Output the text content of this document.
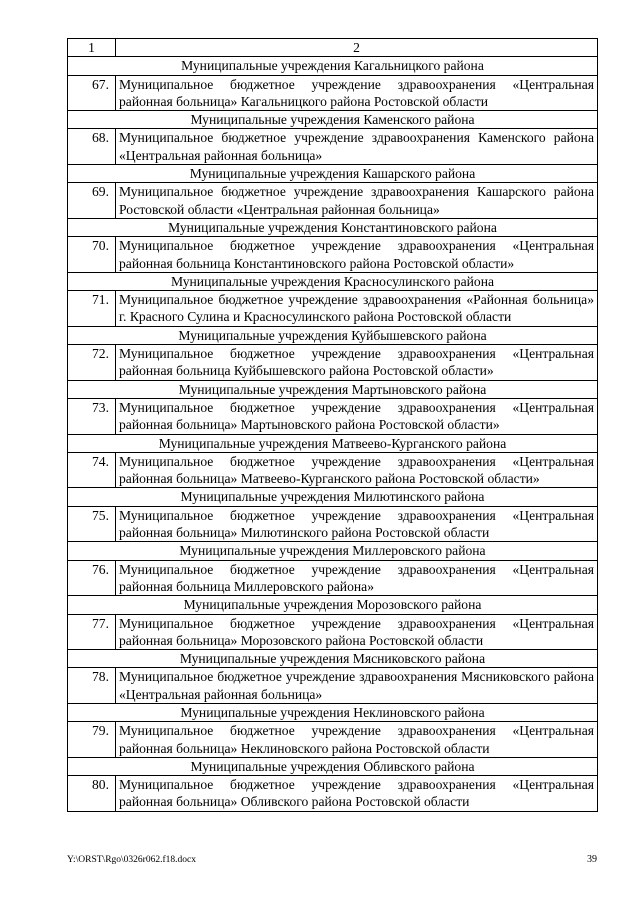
1	2
Муниципальные учреждения Кагальницкого района	
67.	Муниципальное бюджетное учреждение здравоохранения «Центральная районная больница» Кагальницкого района Ростовской области
Муниципальные учреждения Каменского района	
68.	Муниципальное бюджетное учреждение здравоохранения Каменского района «Центральная районная больница»
Муниципальные учреждения Кашарского района	
69.	Муниципальное бюджетное учреждение здравоохранения Кашарского района Ростовской области «Центральная районная больница»
Муниципальные учреждения Константиновского района	
70.	Муниципальное бюджетное учреждение здравоохранения «Центральная районная больница Константиновского района Ростовской области»
Муниципальные учреждения Красносулинского района	
71.	Муниципальное бюджетное учреждение здравоохранения «Районная больница» г. Красного Сулина и Красносулинского района Ростовской области
Муниципальные учреждения Куйбышевского района	
72.	Муниципальное бюджетное учреждение здравоохранения «Центральная районная больница Куйбышевского района Ростовской области»
Муниципальные учреждения Мартыновского района	
73.	Муниципальное бюджетное учреждение здравоохранения «Центральная районная больница» Мартыновского района Ростовской области»
Муниципальные учреждения Матвеево-Курганского района	
74.	Муниципальное бюджетное учреждение здравоохранения «Центральная районная больница» Матвеево-Курганского района Ростовской области»
Муниципальные учреждения Милютинского района	
75.	Муниципальное бюджетное учреждение здравоохранения «Центральная районная больница» Милютинского района Ростовской области
Муниципальные учреждения Миллеровского района	
76.	Муниципальное бюджетное учреждение здравоохранения «Центральная районная больница Миллеровского района»
Муниципальные учреждения Морозовского района	
77.	Муниципальное бюджетное учреждение здравоохранения «Центральная районная больница» Морозовского района Ростовской области
Муниципальные учреждения Мясниковского района	
78.	Муниципальное бюджетное учреждение здравоохранения Мясниковского района «Центральная районная больница»
Муниципальные учреждения Неклиновского района	
79.	Муниципальное бюджетное учреждение здравоохранения «Центральная районная больница» Неклиновского района Ростовской области
Муниципальные учреждения Обливского района	
80.	Муниципальное бюджетное учреждение здравоохранения «Центральная районная больница» Обливского района Ростовской области
Y:\ORST\Rgo\0326r062.f18.docx	39
